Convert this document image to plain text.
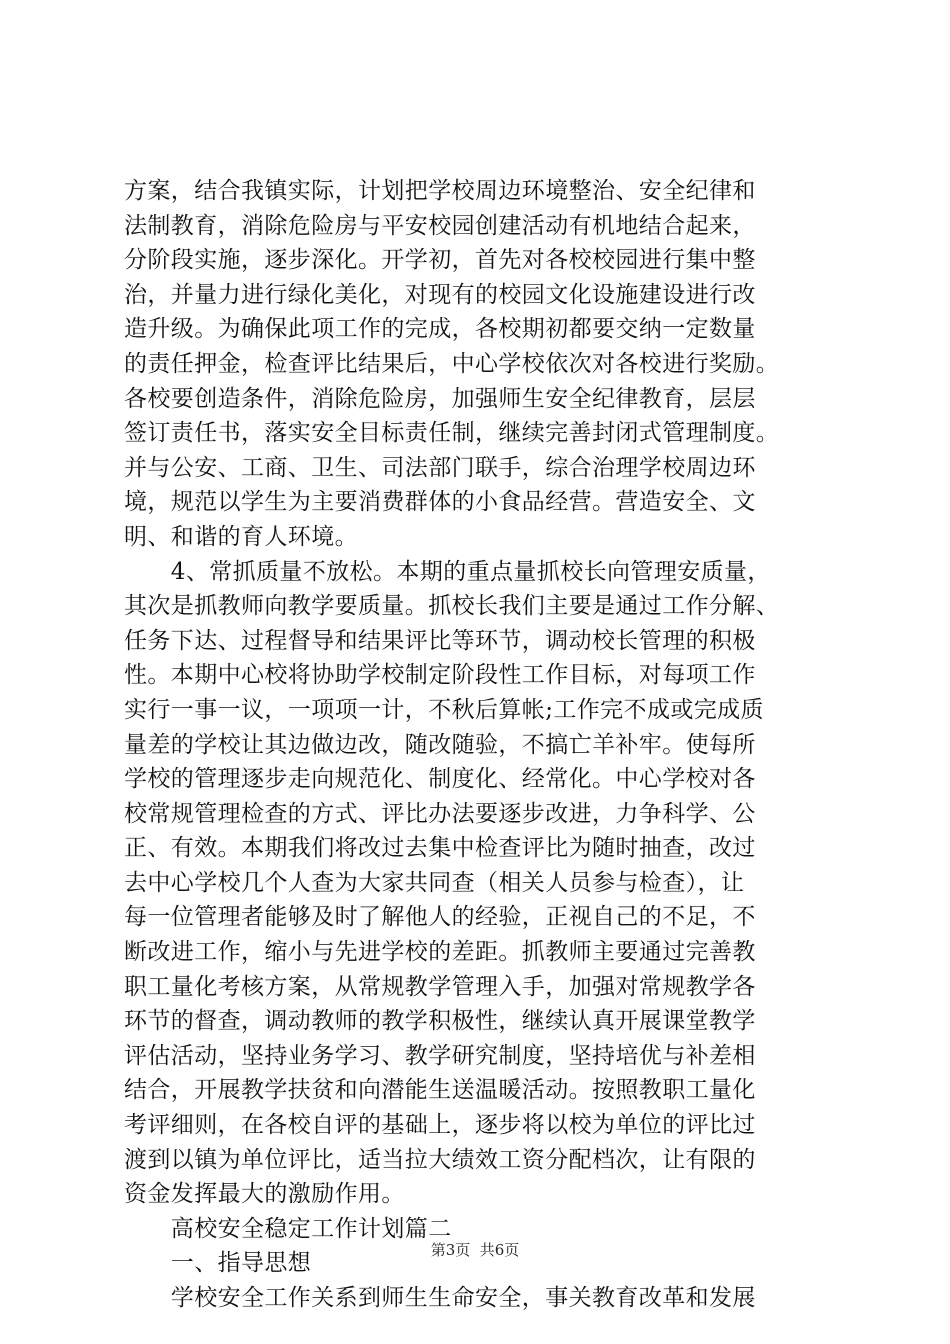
方案，结合我镇实际，计划把学校周边环境整治、安全纪律和
法制教育，消除危险房与平安校园创建活动有机地结合起来，
分阶段实施，逐步深化。开学初，首先对各校校园进行集中整
治，并量力进行绿化美化，对现有的校园文化设施建设进行改
造升级。为确保此项工作的完成，各校期初都要交纳一定数量
的责任押金，检查评比结果后，中心学校依次对各校进行奖励。
各校要创造条件，消除危险房，加强师生安全纪律教育，层层
签订责任书，落实安全目标责任制，继续完善封闭式管理制度。
并与公安、工商、卫生、司法部门联手，综合治理学校周边环
境，规范以学生为主要消费群体的小食品经营。营造安全、文
明、和谐的育人环境。
　　4、常抓质量不放松。本期的重点量抓校长向管理安质量，
其次是抓教师向教学要质量。抓校长我们主要是通过工作分解、
任务下达、过程督导和结果评比等环节，调动校长管理的积极
性。本期中心校将协助学校制定阶段性工作目标，对每项工作
实行一事一议，一项项一计，不秋后算帐;工作完不成或完成质
量差的学校让其边做边改，随改随验，不搞亡羊补牢。使每所
学校的管理逐步走向规范化、制度化、经常化。中心学校对各
校常规管理检查的方式、评比办法要逐步改进，力争科学、公
正、有效。本期我们将改过去集中检查评比为随时抽查，改过
去中心学校几个人查为大家共同查（相关人员参与检查），让
每一位管理者能够及时了解他人的经验，正视自己的不足，不
断改进工作，缩小与先进学校的差距。抓教师主要通过完善教
职工量化考核方案，从常规教学管理入手，加强对常规教学各
环节的督查，调动教师的教学积极性，继续认真开展课堂教学
评估活动，坚持业务学习、教学研究制度，坚持培优与补差相
结合，开展教学扶贫和向潜能生送温暖活动。按照教职工量化
考评细则，在各校自评的基础上，逐步将以校为单位的评比过
渡到以镇为单位评比，适当拉大绩效工资分配档次，让有限的
资金发挥最大的激励作用。
　　高校安全稳定工作计划篇二
　　一、指导思想
　　学校安全工作关系到师生生命安全，事关教育改革和发展
第3页  共6页
